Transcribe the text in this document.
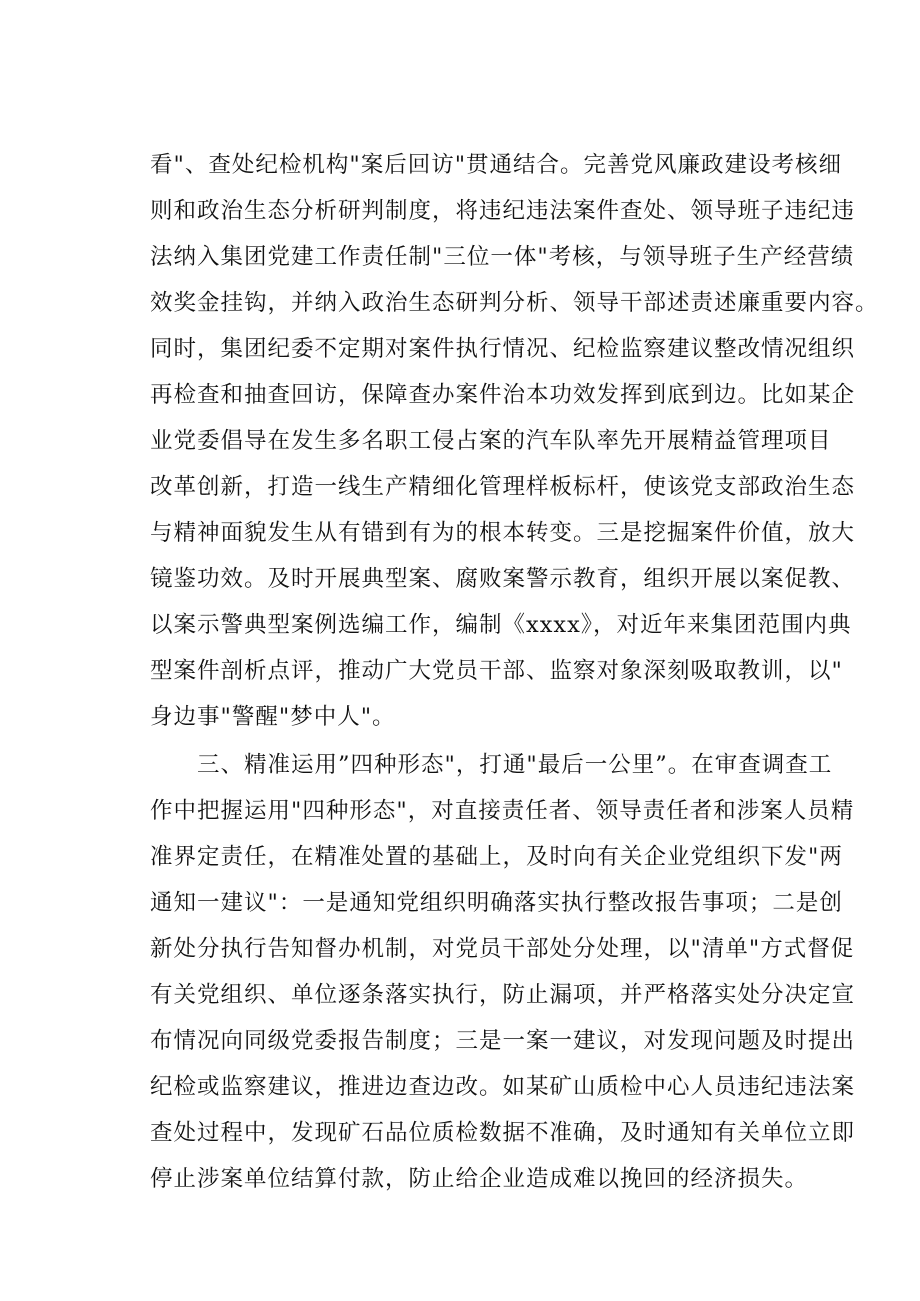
看"、查处纪检机构"案后回访"贯通结合。完善党风廉政建设考核细
则和政治生态分析研判制度，将违纪违法案件查处、领导班子违纪违
法纳入集团党建工作责任制"三位一体"考核，与领导班子生产经营绩
效奖金挂钩，并纳入政治生态研判分析、领导干部述责述廉重要内容。
同时，集团纪委不定期对案件执行情况、纪检监察建议整改情况组织
再检查和抽查回访，保障查办案件治本功效发挥到底到边。比如某企
业党委倡导在发生多名职工侵占案的汽车队率先开展精益管理项目
改革创新，打造一线生产精细化管理样板标杆，使该党支部政治生态
与精神面貌发生从有错到有为的根本转变。三是挖掘案件价值，放大
镜鉴功效。及时开展典型案、腐败案警示教育，组织开展以案促教、
以案示警典型案例选编工作，编制《xxxx》，对近年来集团范围内典
型案件剖析点评，推动广大党员干部、监察对象深刻吸取教训，以"
身边事"警醒"梦中人"。
　　三、精准运用”四种形态"，打通"最后一公里”。在审查调查工
作中把握运用"四种形态"，对直接责任者、领导责任者和涉案人员精
准界定责任，在精准处置的基础上，及时向有关企业党组织下发"两
通知一建议"：一是通知党组织明确落实执行整改报告事项；二是创
新处分执行告知督办机制，对党员干部处分处理，以"清单"方式督促
有关党组织、单位逐条落实执行，防止漏项，并严格落实处分决定宣
布情况向同级党委报告制度；三是一案一建议，对发现问题及时提出
纪检或监察建议，推进边查边改。如某矿山质检中心人员违纪违法案
查处过程中，发现矿石品位质检数据不准确，及时通知有关单位立即
停止涉案单位结算付款，防止给企业造成难以挽回的经济损失。
